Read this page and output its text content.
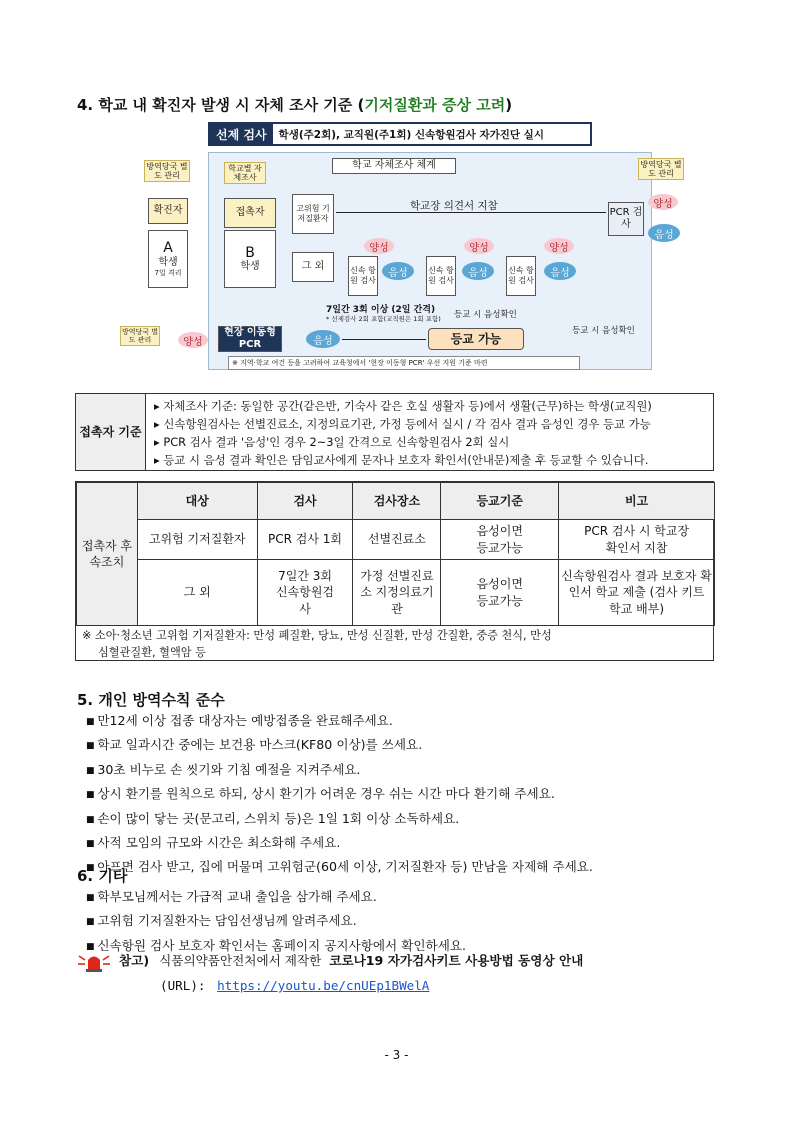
4. 학교 내 확진자 발생 시 자체 조사 기준 (기저질환과 증상 고려)
선제 검사	학생(주2회), 교직원(주1회) 신속항원검사 자가진단 실시
학교 자체조사 체계
방역당국 별도 관리
확진자
A
학생
7일 격리
학교별 자체조사
접촉자
B
학생
고위험 기저질환자
그 외
학교장 의견서 지참
양성	양성	양성
신속 항원 검사
음성	신속 항원 검사
음성	신속 항원 검사
음성
7일간 3회 이상 (2일 간격)
* 선제검사 2회 포함(교직원은 1회 포함) 등교 시 음성확인
방역당국 별도 관리
PCR 검사
양성
음성
등교 시 음성확인
방역당국 별도 관리	양성
현장 이동형 PCR	음성	등교 가능
※ 지역·학교 여건 등을 고려하여 교육청에서 '현장 이동형 PCR' 우선 지원 기준 마련
접촉자 기준
▸ 자체조사 기준: 동일한 공간(같은반, 기숙사 같은 호실 생활자 등)에서 생활(근무)하는 학생(교직원)
▸ 신속항원검사는 선별진료소, 지정의료기관, 가정 등에서 실시 / 각 검사 결과 음성인 경우 등교 가능
▸ PCR 검사 결과 '음성'인 경우 2~3일 간격으로 신속항원검사 2회 실시
▸ 등교 시 음성 결과 확인은 담임교사에게 문자나 보호자 확인서(안내문)제출 후 등교할 수 있습니다.
접촉자 후속조치	대상	검사	검사장소	등교기준	비고
	고위험 기저질환자	PCR 검사 1회	선별진료소	음성이면 등교가능	PCR 검사 시 학교장 확인서 지참
	그 외	7일간 3회 신속항원검사	가정 선별진료소 지정의료기관	음성이면 등교가능	신속항원검사 결과 보호자 확인서 학교 제출 (검사 키트 학교 배부)
※ 소아·청소년 고위험 기저질환자: 만성 폐질환, 당뇨, 만성 신질환, 만성 간질환, 중증 천식, 만성
심혈관질환, 혈액암 등
5. 개인 방역수칙 준수
■ 만12세 이상 접종 대상자는 예방접종을 완료해주세요.
■ 학교 일과시간 중에는 보건용 마스크(KF80 이상)를 쓰세요.
■ 30초 비누로 손 씻기와 기침 예절을 지켜주세요.
■ 상시 환기를 원칙으로 하되, 상시 환기가 어려운 경우 쉬는 시간 마다 환기해 주세요.
■ 손이 많이 닿는 곳(문고리, 스위치 등)은 1일 1회 이상 소독하세요.
■ 사적 모임의 규모와 시간은 최소화해 주세요.
■ 아프면 검사 받고, 집에 머물며 고위험군(60세 이상, 기저질환자 등) 만남을 자제해 주세요.
6. 기타
■ 학부모님께서는 가급적 교내 출입을 삼가해 주세요.
■ 고위험 기저질환자는 담임선생님께 알려주세요.
■ 신속항원 검사 보호자 확인서는 홈페이지 공지사항에서 확인하세요.
참고) 식품의약품안전처에서 제작한 코로나19 자가검사키트 사용방법 동영상 안내
(URL): https://youtu.be/cnUEp1BWelA
- 3 -
